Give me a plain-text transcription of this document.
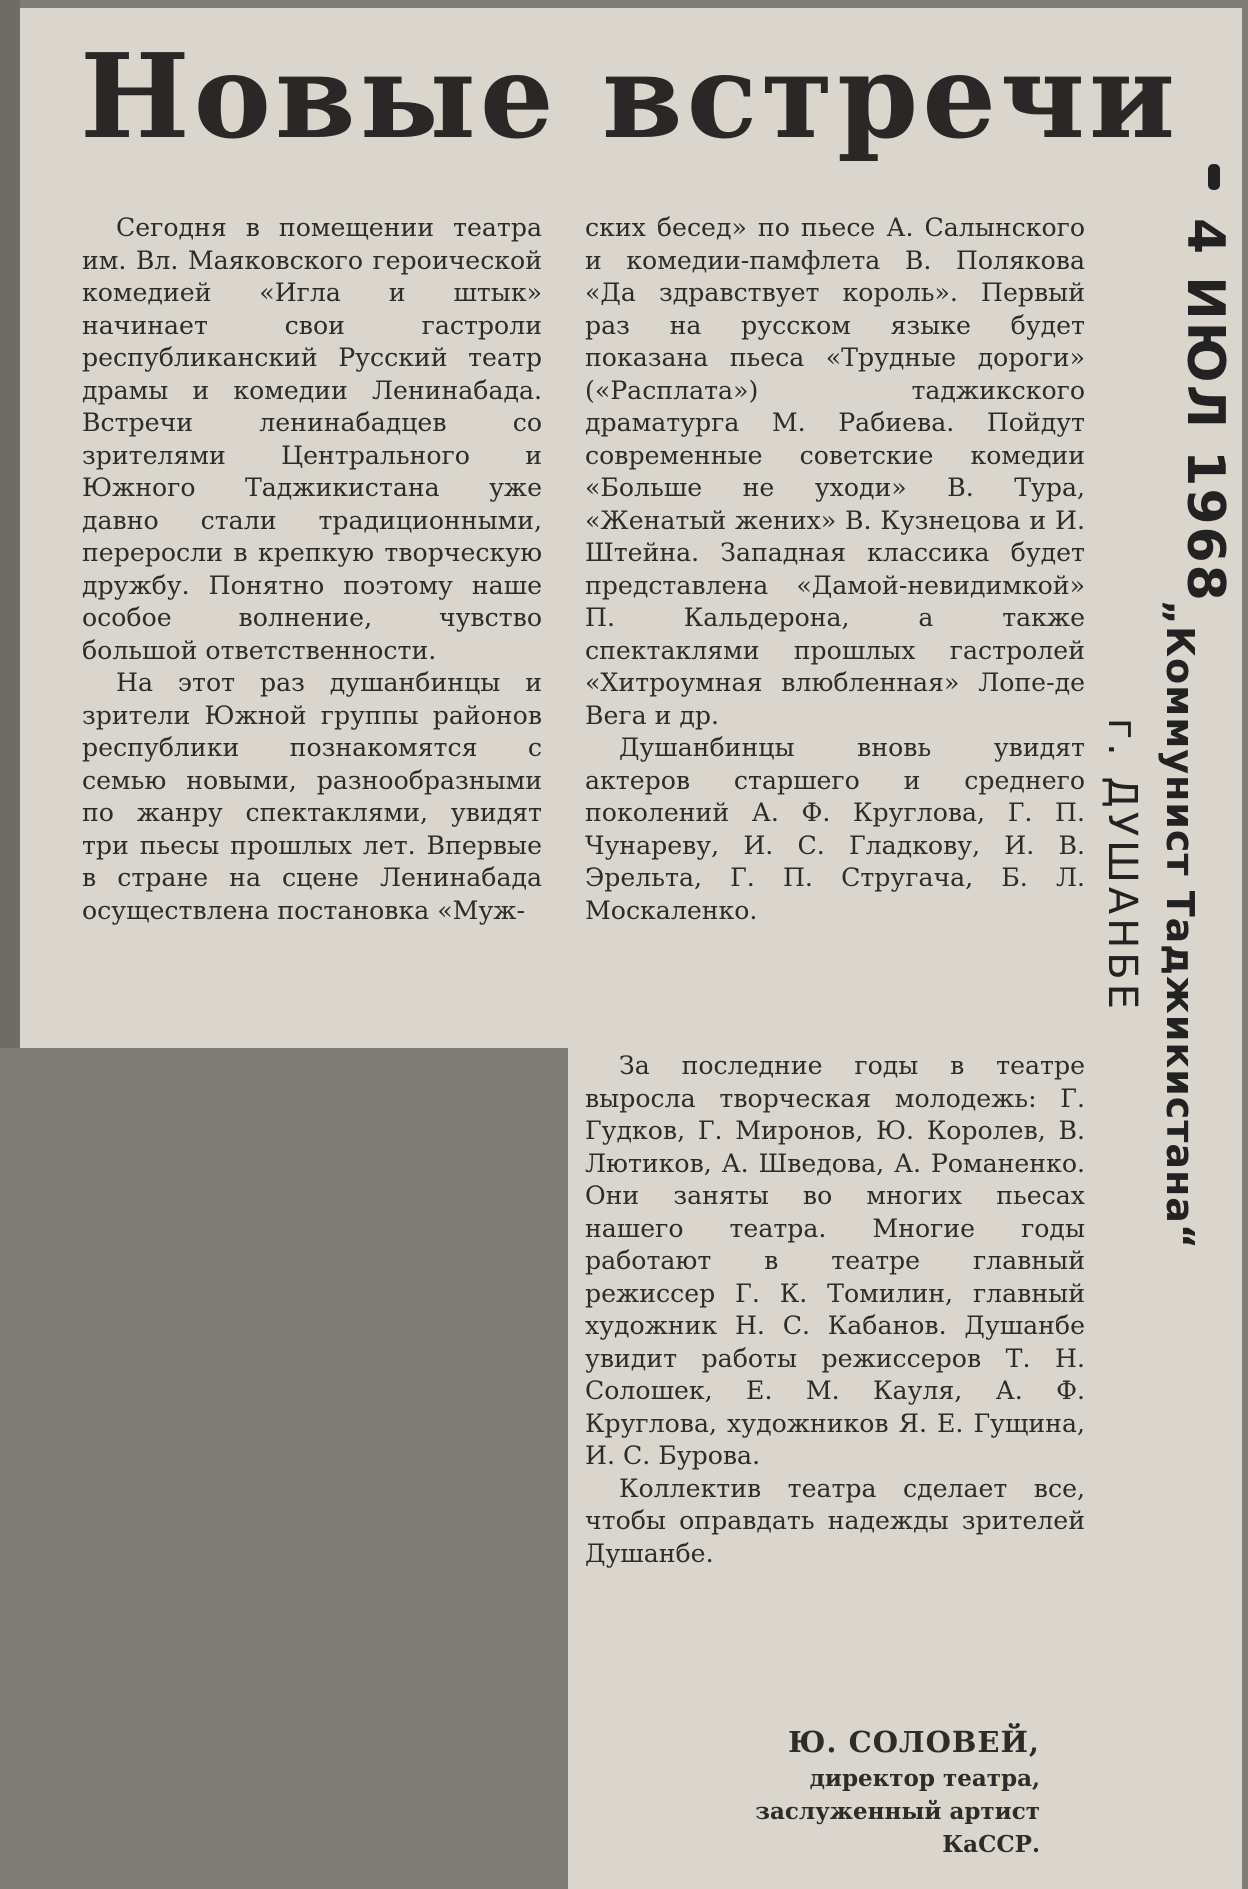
Новые встречи

Сегодня в помещении театра им. Вл. Маяковского героической комедией «Игла и штык» начинает свои гастроли республиканский Русский театр драмы и комедии Ленинабада. Встречи ленинабадцев со зрителями Центрального и Южного Таджикистана уже давно стали традиционными, переросли в крепкую творческую дружбу. Понятно поэтому наше особое волнение, чувство большой ответственности.

На этот раз душанбинцы и зрители Южной группы районов республики познакомятся с семью новыми, разнообразными по жанру спектаклями, увидят три пьесы прошлых лет. Впервые в стране на сцене Ленинабада осуществлена постановка «Муж-

ских бесед» по пьесе А. Салынского и комедии-памфлета В. Полякова «Да здравствует король». Первый раз на русском языке будет показана пьеса «Трудные дороги» («Расплата») таджикского драматурга М. Рабиева. Пойдут современные советские комедии «Больше не уходи» В. Тура, «Женатый жених» В. Кузнецова и И. Штейна. Западная классика будет представлена «Дамой-невидимкой» П. Кальдерона, а также спектаклями прошлых гастролей «Хитроумная влюбленная» Лопе-де Вега и др.

Душанбинцы вновь увидят актеров старшего и среднего поколений А. Ф. Круглова, Г. П. Чунареву, И. С. Гладкову, И. В. Эрельта, Г. П. Стругача, Б. Л. Москаленко.

За последние годы в театре выросла творческая молодежь: Г. Гудков, Г. Миронов, Ю. Королев, В. Лютиков, А. Шведова, А. Романенко. Они заняты во многих пьесах нашего театра. Многие годы работают в театре главный режиссер Г. К. Томилин, главный художник Н. С. Кабанов. Душанбе увидит работы режиссеров Т. Н. Солошек, Е. М. Кауля, А. Ф. Круглова, художников Я. Е. Гущина, И. С. Бурова.

Коллектив театра сделает все, чтобы оправдать надежды зрителей Душанбе.

Ю. СОЛОВЕЙ,
директор театра,
заслуженный артист
КаССР.
4 ИЮЛ 1968
„Коммунист Таджикистана“
г. ДУШАНБЕ
